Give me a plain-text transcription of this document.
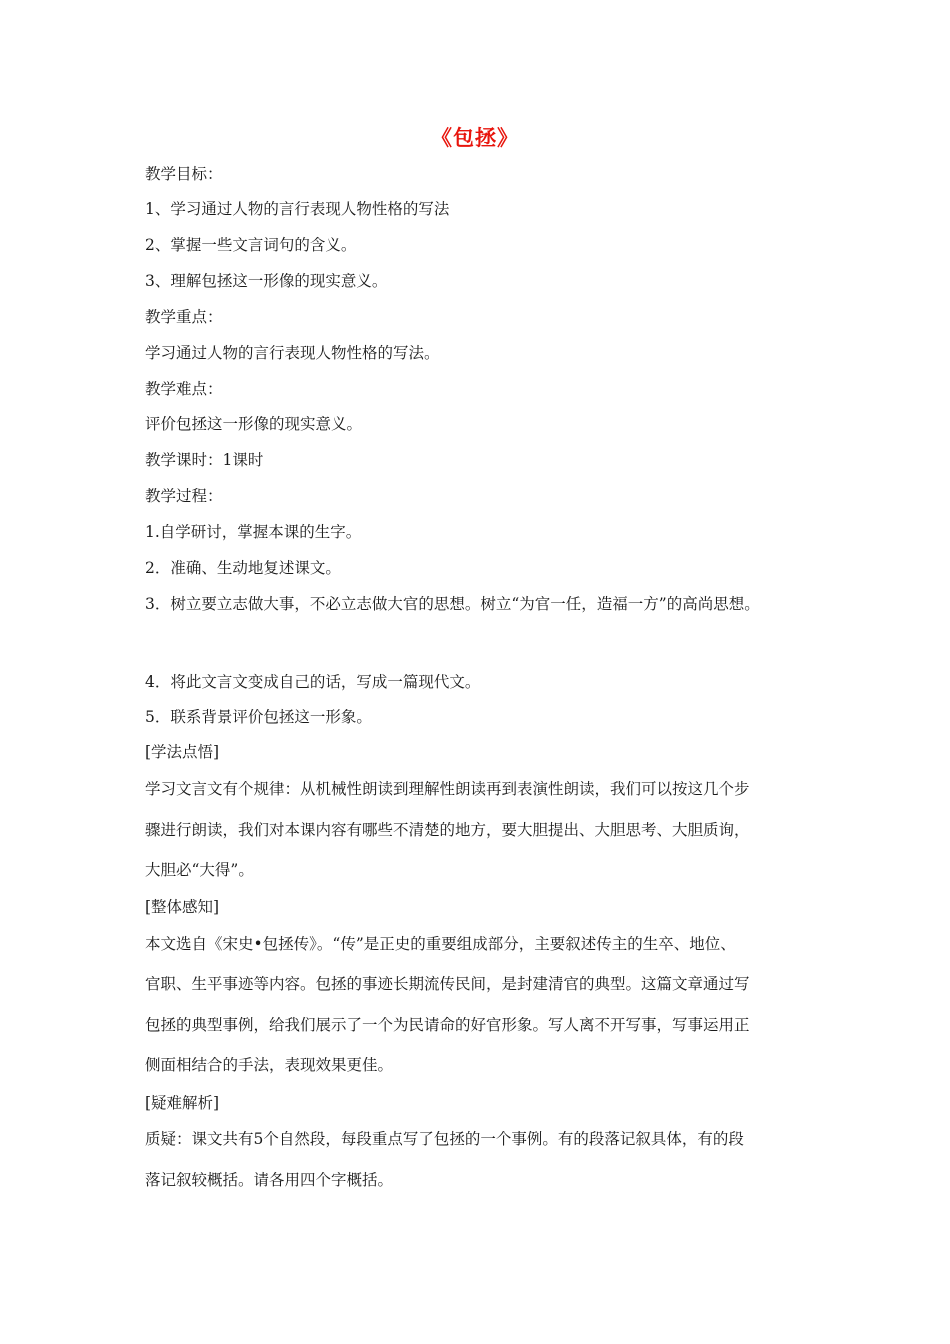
《包拯》
教学目标：
1、学习通过人物的言行表现人物性格的写法
2、掌握一些文言词句的含义。
3、理解包拯这一形像的现实意义。
教学重点：
学习通过人物的言行表现人物性格的写法。
教学难点：
评价包拯这一形像的现实意义。
教学课时：1课时
教学过程：
1.自学研讨，掌握本课的生字。
2．准确、生动地复述课文。
3．树立要立志做大事，不必立志做大官的思想。树立“为官一任，造福一方”的高尚思想。
4．将此文言文变成自己的话，写成一篇现代文。
5．联系背景评价包拯这一形象。
[学法点悟]
学习文言文有个规律：从机械性朗读到理解性朗读再到表演性朗读，我们可以按这几个步
骤进行朗读，我们对本课内容有哪些不清楚的地方，要大胆提出、大胆思考、大胆质询，
大胆必“大得”。
[整体感知]
本文选自《宋史•包拯传》。“传”是正史的重要组成部分，主要叙述传主的生卒、地位、
官职、生平事迹等内容。包拯的事迹长期流传民间，是封建清官的典型。这篇文章通过写
包拯的典型事例，给我们展示了一个为民请命的好官形象。写人离不开写事，写事运用正
侧面相结合的手法，表现效果更佳。
[疑难解析]
质疑：课文共有5个自然段，每段重点写了包拯的一个事例。有的段落记叙具体，有的段
落记叙较概括。请各用四个字概括。
